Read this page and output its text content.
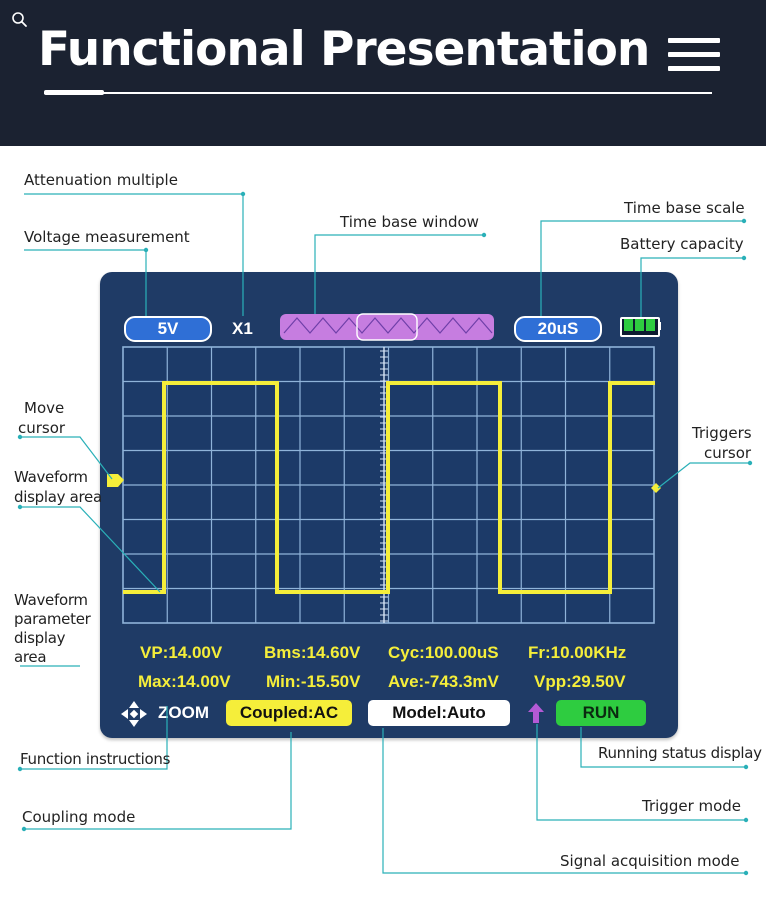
Functional Presentation
5V	X1	20uS
VP:14.00V Bms:14.60V Cyc:100.00uS Fr:10.00KHz
Max:14.00V Min:-15.50V Ave:-743.3mV Vpp:29.50V
ZOOM	Coupled:AC	Model:Auto	RUN
Attenuation multiple
Voltage measurement
Time base window
Time base scale
Battery capacity
Move
cursor	Triggers
cursor
Waveform
display area
Waveform
parameter
display
area
Function instructions	Running status display
Coupling mode
Trigger mode
Signal acquisition mode
